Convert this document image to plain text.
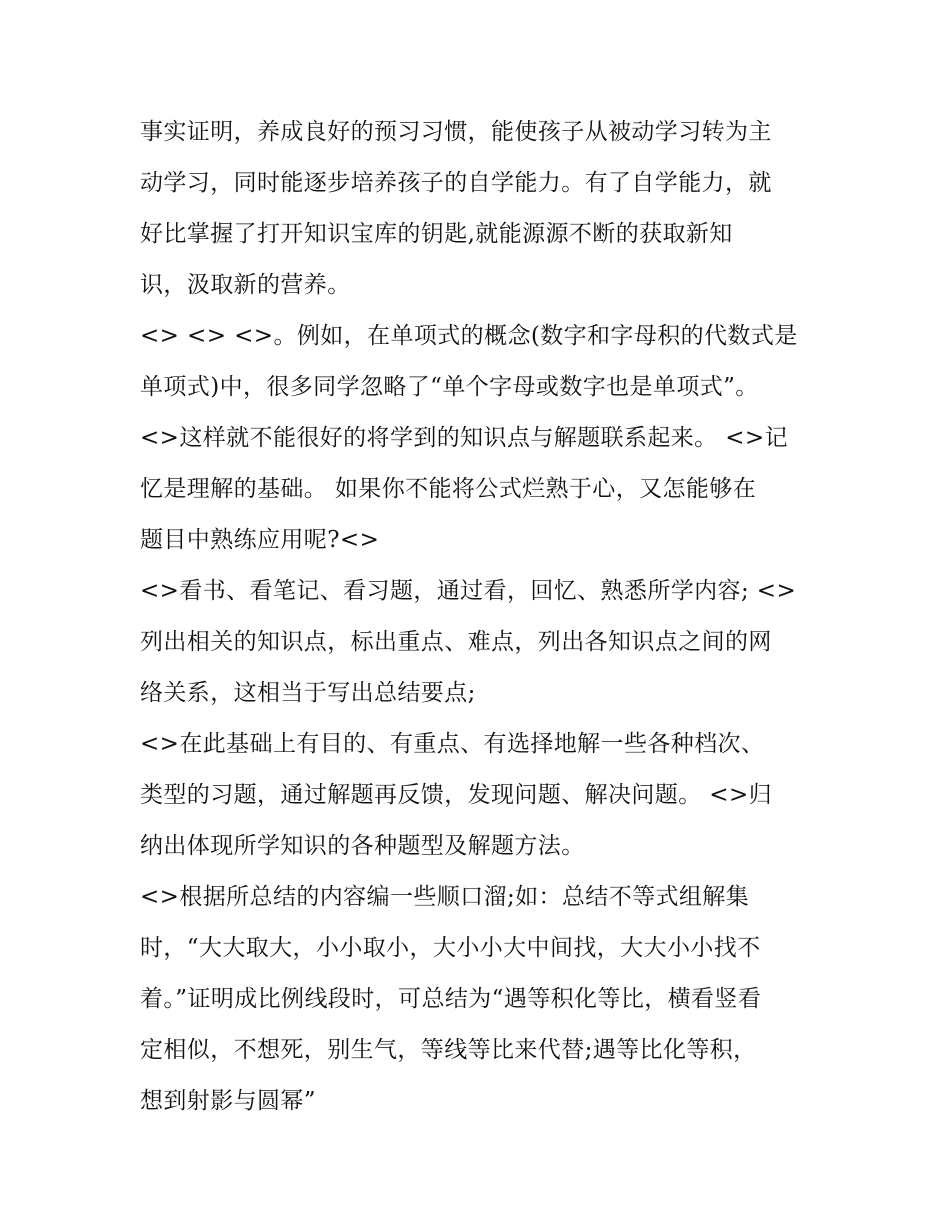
事实证明，养成良好的预习习惯，能使孩子从被动学习转为主
动学习，同时能逐步培养孩子的自学能力。有了自学能力，就
好比掌握了打开知识宝库的钥匙,就能源源不断的获取新知
识，汲取新的营养。
<> <> <>。例如，在单项式的概念(数字和字母积的代数式是
单项式)中，很多同学忽略了“单个字母或数字也是单项式”。
<>这样就不能很好的将学到的知识点与解题联系起来。 <>记
忆是理解的基础。 如果你不能将公式烂熟于心，又怎能够在
题目中熟练应用呢?<>
<>看书、看笔记、看习题，通过看，回忆、熟悉所学内容; <>
列出相关的知识点，标出重点、难点，列出各知识点之间的网
络关系，这相当于写出总结要点;
<>在此基础上有目的、有重点、有选择地解一些各种档次、
类型的习题，通过解题再反馈，发现问题、解决问题。 <>归
纳出体现所学知识的各种题型及解题方法。
<>根据所总结的内容编一些顺口溜;如：总结不等式组解集
时，“大大取大，小小取小，大小小大中间找，大大小小找不
着。”证明成比例线段时，可总结为“遇等积化等比，横看竖看
定相似，不想死，别生气，等线等比来代替;遇等比化等积，
想到射影与圆幂”
